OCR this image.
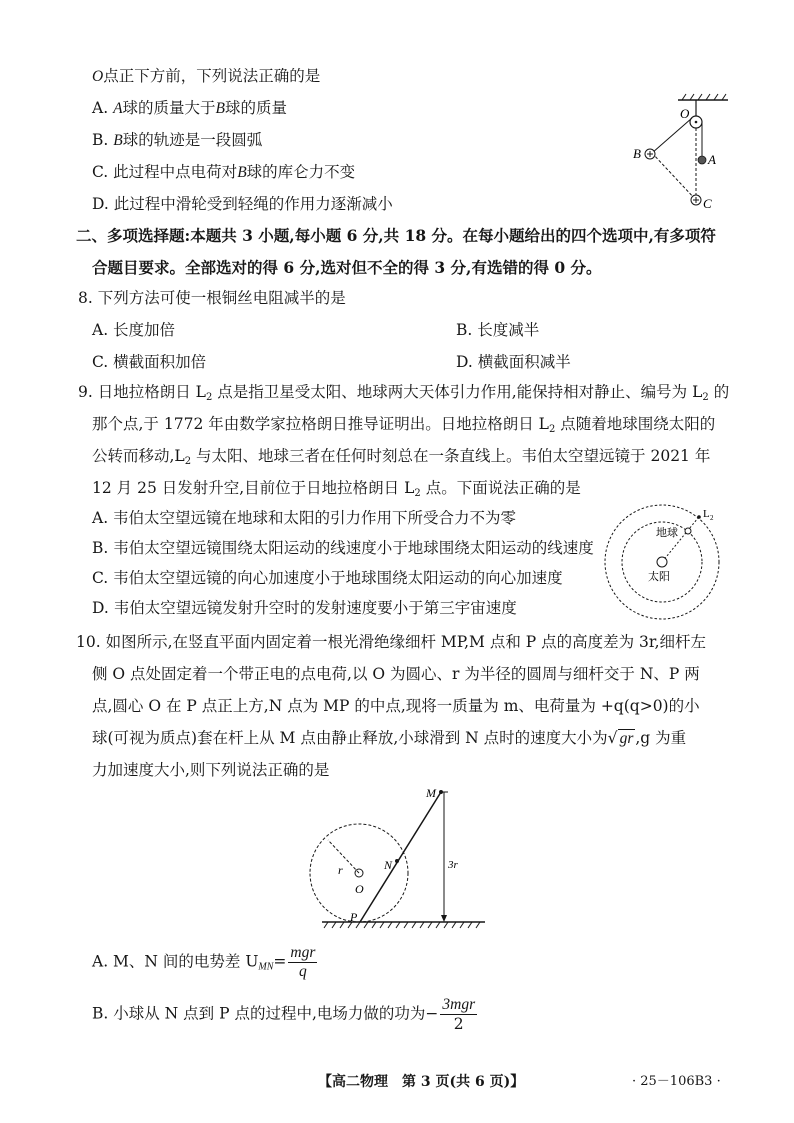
O点正下方前，下列说法正确的是
A. A球的质量大于B球的质量
B. B球的轨迹是一段圆弧
C. 此过程中点电荷对B球的库仑力不变
D. 此过程中滑轮受到轻绳的作用力逐渐减小
O
A
B
C
二、多项选择题:本题共 3 小题,每小题 6 分,共 18 分。在每小题给出的四个选项中,有多项符
合题目要求。全部选对的得 6 分,选对但不全的得 3 分,有选错的得 0 分。
8. 下列方法可使一根铜丝电阻减半的是
A. 长度加倍	B. 长度减半
C. 横截面积加倍	D. 横截面积减半
9. 日地拉格朗日 $L_2$ 点是指卫星受太阳、地球两大天体引力作用,能保持相对静止、编号为 $L_2$ 的
那个点,于 1772 年由数学家拉格朗日推导证明出。日地拉格朗日 $L_2$ 点随着地球围绕太阳的
公转而移动$,L_2$ 与太阳、地球三者在任何时刻总在一条直线上。韦伯太空望远镜于 2021 年
12 月 25 日发射升空,目前位于日地拉格朗日 $L_2$ 点。下面说法正确的是
A. 韦伯太空望远镜在地球和太阳的引力作用下所受合力不为零
B. 韦伯太空望远镜围绕太阳运动的线速度小于地球围绕太阳运动的线速度
C. 韦伯太空望远镜的向心加速度小于地球围绕太阳运动的向心加速度
D. 韦伯太空望远镜发射升空时的发射速度要小于第三宇宙速度
地球
太阳
L 2
10. 如图所示,在竖直平面内固定着一根光滑绝缘细杆 MP,M 点和 P 点的高度差为 3r,细杆左
侧 O 点处固定着一个带正电的点电荷,以 O 为圆心、r 为半径的圆周与细杆交于 N、P 两
点,圆心 O 在 P 点正上方,N 点为 MP 的中点,现将一质量为 m、电荷量为 +q(q>0)的小
球(可视为质点)套在杆上从 M 点由静止释放,小球滑到 N 点时的速度大小为√ gr ,g 为重
力加速度大小,则下列说法正确的是
M
N
O
P
r	3r
A. M、N 间的电势差 $U_{MN}= \frac{\text{mgr}}{q}$
B. 小球从 N 点到 P 点的过程中,电场力做的功为− $\frac{\text{3mgr}}{2}$
【高二物理　第 3 页(共 6 页)】	· 25－106B3 ·
